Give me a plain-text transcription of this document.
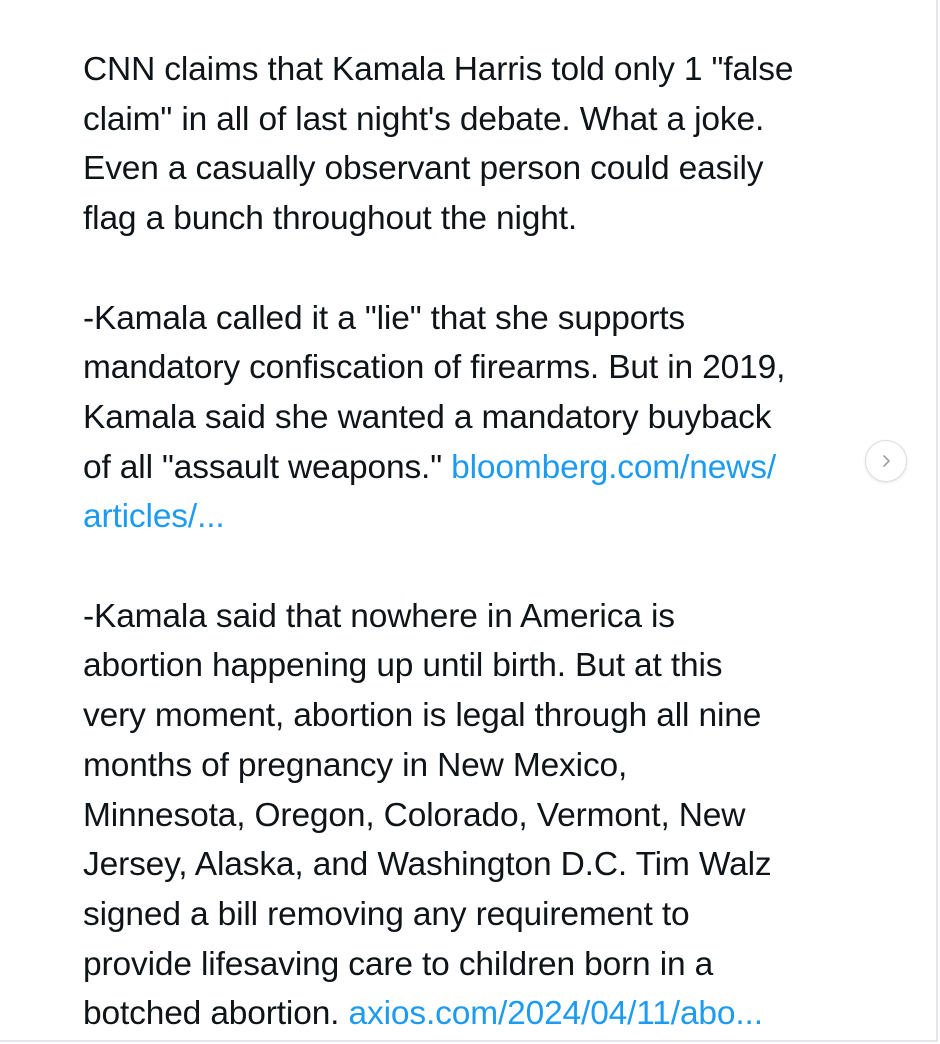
CNN claims that Kamala Harris told only 1 "false
claim" in all of last night's debate. What a joke.
Even a casually observant person could easily
flag a bunch throughout the night.

-Kamala called it a "lie" that she supports
mandatory confiscation of firearms. But in 2019,
Kamala said she wanted a mandatory buyback
of all "assault weapons." bloomberg.com/news/
articles/...

-Kamala said that nowhere in America is
abortion happening up until birth. But at this
very moment, abortion is legal through all nine
months of pregnancy in New Mexico,
Minnesota, Oregon, Colorado, Vermont, New
Jersey, Alaska, and Washington D.C. Tim Walz
signed a bill removing any requirement to
provide lifesaving care to children born in a
botched abortion. axios.com/2024/04/11/abo...
